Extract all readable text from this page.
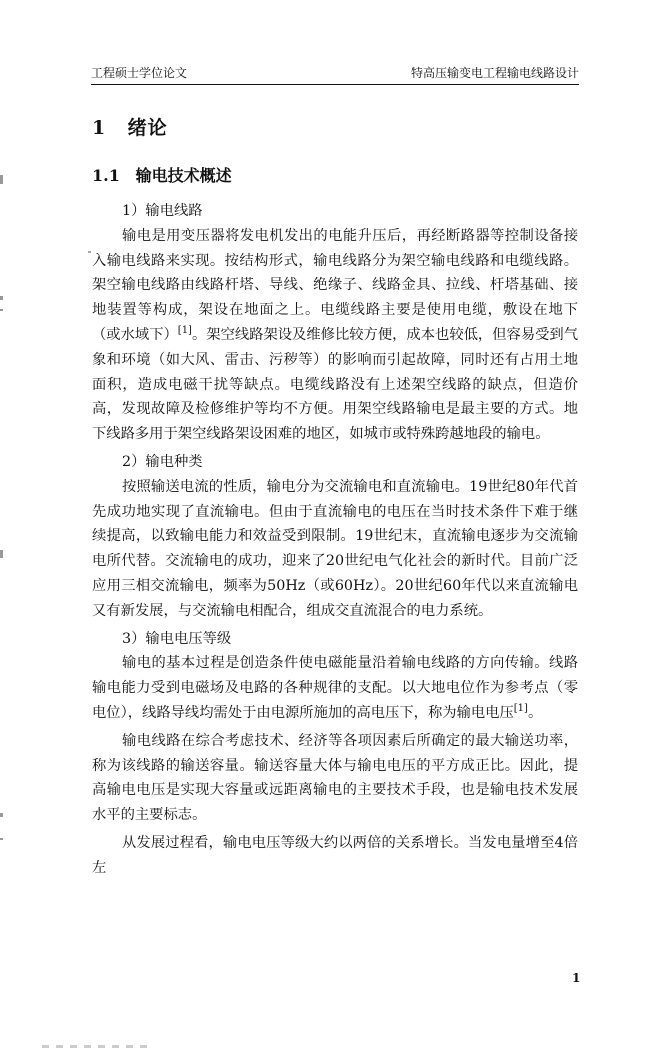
工程硕士学位论文	特高压输变电工程输电线路设计
1 绪论
1.1 输电技术概述
1）输电线路

输电是用变压器将发电机发出的电能升压后，再经断路器等控制设备接入输电线路来实现。按结构形式，输电线路分为架空输电线路和电缆线路。架空输电线路由线路杆塔、导线、绝缘子、线路金具、拉线、杆塔基础、接地装置等构成，架设在地面之上。电缆线路主要是使用电缆，敷设在地下（或水域下）[1]。架空线路架设及维修比较方便，成本也较低，但容易受到气象和环境（如大风、雷击、污秽等）的影响而引起故障，同时还有占用土地面积，造成电磁干扰等缺点。电缆线路没有上述架空线路的缺点，但造价高，发现故障及检修维护等均不方便。用架空线路输电是最主要的方式。地下线路多用于架空线路架设困难的地区，如城市或特殊跨越地段的输电。

2）输电种类

按照输送电流的性质，输电分为交流输电和直流输电。19世纪80年代首先成功地实现了直流输电。但由于直流输电的电压在当时技术条件下难于继续提高，以致输电能力和效益受到限制。19世纪末，直流输电逐步为交流输电所代替。交流输电的成功，迎来了20世纪电气化社会的新时代。目前广泛应用三相交流输电，频率为50Hz（或60Hz）。20世纪60年代以来直流输电又有新发展，与交流输电相配合，组成交直流混合的电力系统。

3）输电电压等级

输电的基本过程是创造条件使电磁能量沿着输电线路的方向传输。线路输电能力受到电磁场及电路的各种规律的支配。以大地电位作为参考点（零电位），线路导线均需处于由电源所施加的高电压下，称为输电电压[1]。

输电线路在综合考虑技术、经济等各项因素后所确定的最大输送功率，称为该线路的输送容量。输送容量大体与输电电压的平方成正比。因此，提高输电电压是实现大容量或远距离输电的主要技术手段，也是输电技术发展水平的主要标志。

从发展过程看，输电电压等级大约以两倍的关系增长。当发电量增至4倍左

1
